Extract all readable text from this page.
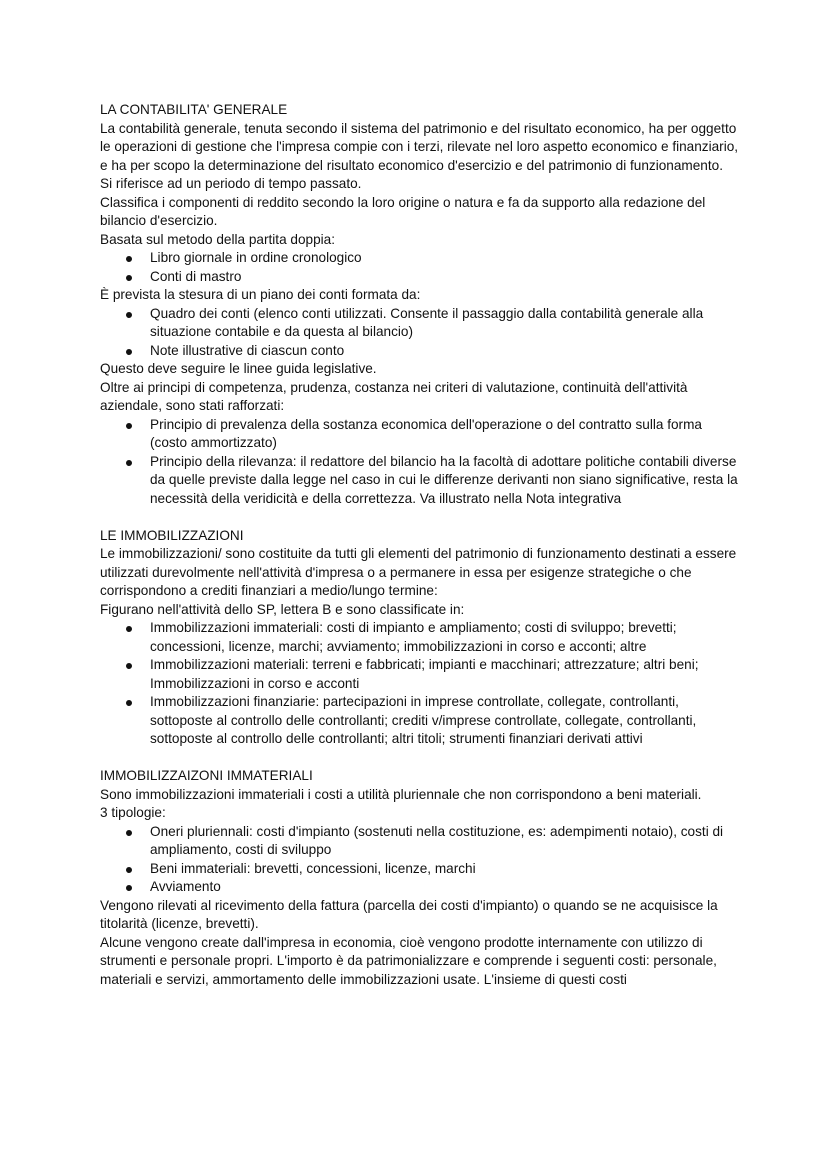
LA CONTABILITA' GENERALE

La contabilità generale, tenuta secondo il sistema del patrimonio e del risultato economico, ha per oggetto le operazioni di gestione che l'impresa compie con i terzi, rilevate nel loro aspetto economico e finanziario, e ha per scopo la determinazione del risultato economico d'esercizio e del patrimonio di funzionamento.

Si riferisce ad un periodo di tempo passato.

Classifica i componenti di reddito secondo la loro origine o natura e fa da supporto alla redazione del bilancio d'esercizio.

Basata sul metodo della partita doppia:

Libro giornale in ordine cronologico
Conti di mastro

È prevista la stesura di un piano dei conti formata da:

Quadro dei conti (elenco conti utilizzati. Consente il passaggio dalla contabilità generale alla situazione contabile e da questa al bilancio)
Note illustrative di ciascun conto

Questo deve seguire le linee guida legislative.

Oltre ai principi di competenza, prudenza, costanza nei criteri di valutazione, continuità dell'attività aziendale, sono stati rafforzati:

Principio di prevalenza della sostanza economica dell'operazione o del contratto sulla forma (costo ammortizzato)
Principio della rilevanza: il redattore del bilancio ha la facoltà di adottare politiche contabili diverse da quelle previste dalla legge nel caso in cui le differenze derivanti non siano significative, resta la necessità della veridicità e della correttezza. Va illustrato nella Nota integrativa

LE IMMOBILIZZAZIONI

Le immobilizzazioni/ sono costituite da tutti gli elementi del patrimonio di funzionamento destinati a essere utilizzati durevolmente nell'attività d'impresa o a permanere in essa per esigenze strategiche o che corrispondono a crediti finanziari a medio/lungo termine:

Figurano nell'attività dello SP, lettera B e sono classificate in:

Immobilizzazioni immateriali: costi di impianto e ampliamento; costi di sviluppo; brevetti; concessioni, licenze, marchi; avviamento; immobilizzazioni in corso e acconti; altre
Immobilizzazioni materiali: terreni e fabbricati; impianti e macchinari; attrezzature; altri beni; Immobilizzazioni in corso e acconti
Immobilizzazioni finanziarie: partecipazioni in imprese controllate, collegate, controllanti, sottoposte al controllo delle controllanti; crediti v/imprese controllate, collegate, controllanti, sottoposte al controllo delle controllanti; altri titoli; strumenti finanziari derivati attivi

IMMOBILIZZAIZONI IMMATERIALI

Sono immobilizzazioni immateriali i costi a utilità pluriennale che non corrispondono a beni materiali.

3 tipologie:

Oneri pluriennali: costi d'impianto (sostenuti nella costituzione, es: adempimenti notaio), costi di ampliamento, costi di sviluppo
Beni immateriali: brevetti, concessioni, licenze, marchi
Avviamento

Vengono rilevati al ricevimento della fattura (parcella dei costi d'impianto) o quando se ne acquisisce la titolarità (licenze, brevetti).

Alcune vengono create dall'impresa in economia, cioè vengono prodotte internamente con utilizzo di strumenti e personale propri. L'importo è da patrimonializzare e comprende i seguenti costi: personale, materiali e servizi, ammortamento delle immobilizzazioni usate. L'insieme di questi costi
